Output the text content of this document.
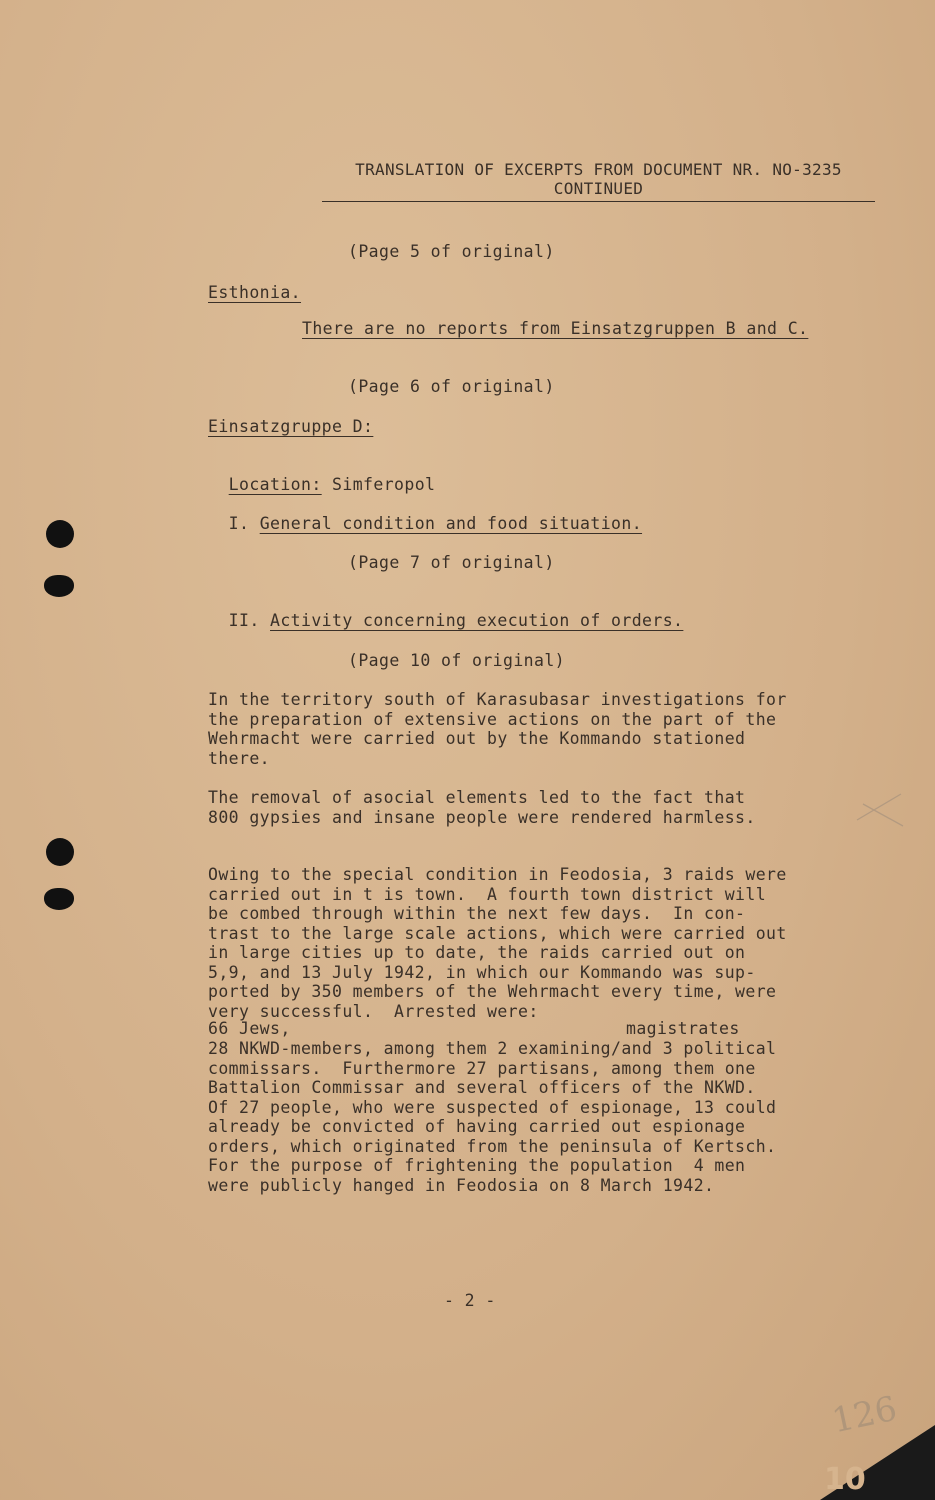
TRANSLATION OF EXCERPTS FROM DOCUMENT NR. NO-3235
CONTINUED
(Page 5 of original)
Esthonia.
There are no reports from Einsatzgruppen B and C.
(Page 6 of original)
Einsatzgruppe D:

Location: Simferopol

I. General condition and food situation.

(Page 7 of original)

II. Activity concerning execution of orders.

(Page 10 of original)
In the territory south of Karasubasar investigations for
the preparation of extensive actions on the part of the
Wehrmacht were carried out by the Kommando stationed
there.
The removal of asocial elements led to the fact that
800 gypsies and insane people were rendered harmless.
Owing to the special condition in Feodosia, 3 raids were
carried out in t is town.  A fourth town district will
be combed through within the next few days.  In con-
trast to the large scale actions, which were carried out
in large cities up to date, the raids carried out on
5,9, and 13 July 1942, in which our Kommando was sup-
ported by 350 members of the Wehrmacht every time, were
very successful.  Arrested were:
66 Jews,	magistrates
28 NKWD-members, among them 2 examining/and 3 political
commissars.  Furthermore 27 partisans, among them one
Battalion Commissar and several officers of the NKWD.
Of 27 people, who were suspected of espionage, 13 could
already be convicted of having carried out espionage
orders, which originated from the peninsula of Kertsch.
For the purpose of frightening the population  4 men
were publicly hanged in Feodosia on 8 March 1942.
- 2 -
126
10
